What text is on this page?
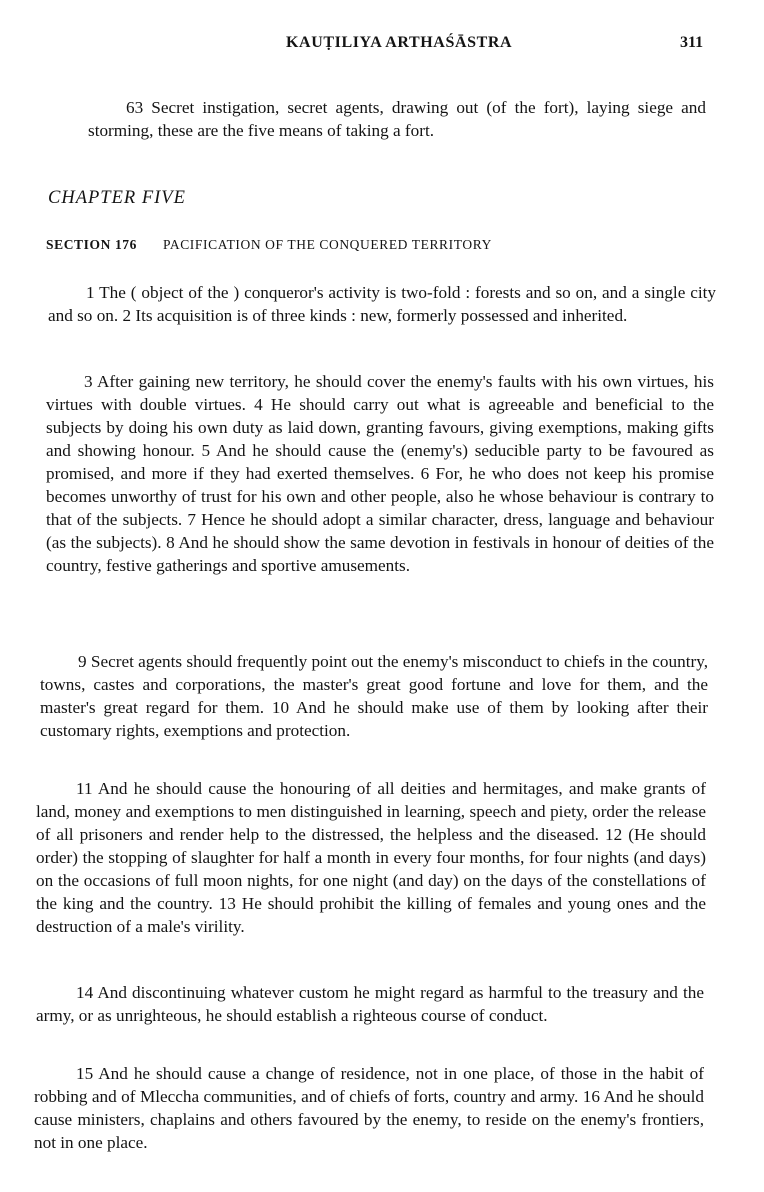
KAUṬILIYA ARTHAŚĀSTRA	311

63 Secret instigation, secret agents, drawing out (of the fort), laying siege and storming, these are the five means of taking a fort.

CHAPTER FIVE
SECTION 176 PACIFICATION OF THE CONQUERED TERRITORY

1 The ( object of the ) conqueror's activity is two-fold : forests and so on, and a single city and so on. 2 Its acquisition is of three kinds : new, formerly possessed and inherited.

3 After gaining new territory, he should cover the enemy's faults with his own virtues, his virtues with double virtues. 4 He should carry out what is agreeable and beneficial to the subjects by doing his own duty as laid down, granting favours, giving exemptions, making gifts and showing honour. 5 And he should cause the (enemy's) seducible party to be favoured as promised, and more if they had exerted themselves. 6 For, he who does not keep his promise becomes unworthy of trust for his own and other people, also he whose behaviour is contrary to that of the subjects. 7 Hence he should adopt a similar character, dress, language and behaviour (as the subjects). 8 And he should show the same devotion in festivals in honour of deities of the country, festive gatherings and sportive amusements.

9 Secret agents should frequently point out the enemy's misconduct to chiefs in the country, towns, castes and corporations, the master's great good fortune and love for them, and the master's great regard for them. 10 And he should make use of them by looking after their customary rights, exemptions and protection.

11 And he should cause the honouring of all deities and hermitages, and make grants of land, money and exemptions to men distinguished in learning, speech and piety, order the release of all prisoners and render help to the distressed, the helpless and the diseased. 12 (He should order) the stopping of slaughter for half a month in every four months, for four nights (and days) on the occasions of full moon nights, for one night (and day) on the days of the constellations of the king and the country. 13 He should prohibit the killing of females and young ones and the destruction of a male's virility.

14 And discontinuing whatever custom he might regard as harmful to the treasury and the army, or as unrighteous, he should establish a righteous course of conduct.

15 And he should cause a change of residence, not in one place, of those in the habit of robbing and of Mleccha communities, and of chiefs of forts, country and army. 16 And he should cause ministers, chaplains and others favoured by the enemy, to reside on the enemy's frontiers, not in one place.
